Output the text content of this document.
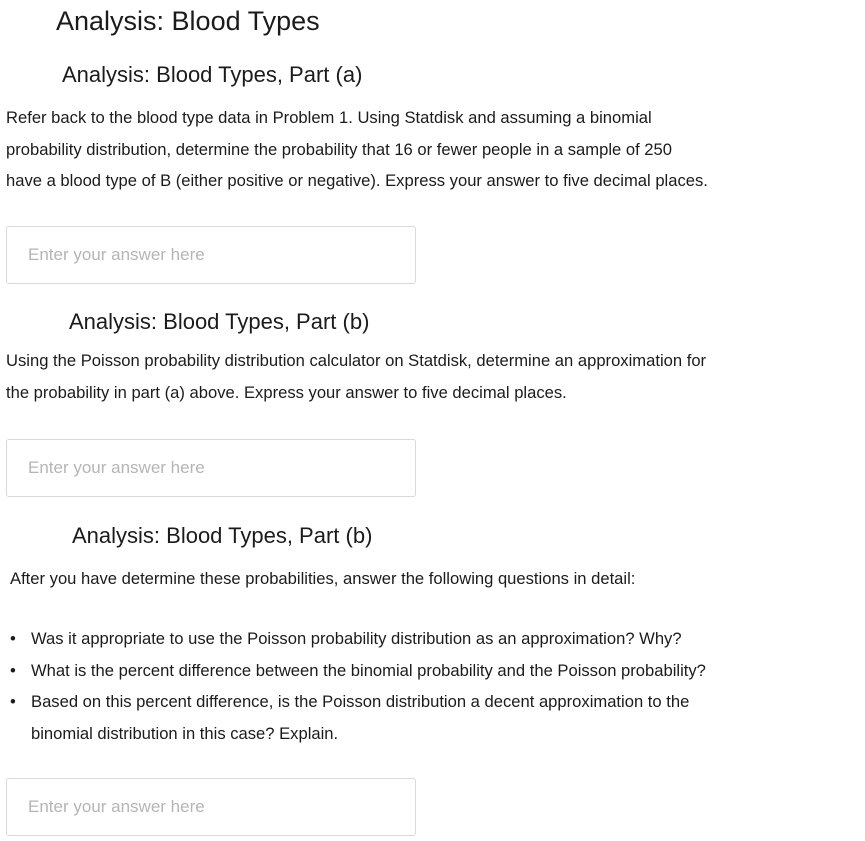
Analysis: Blood Types
Analysis: Blood Types, Part (a)
Refer back to the blood type data in Problem 1. Using Statdisk and assuming a binomial
probability distribution, determine the probability that 16 or fewer people in a sample of 250
have a blood type of B (either positive or negative). Express your answer to five decimal places.
Enter your answer here
Analysis: Blood Types, Part (b)
Using the Poisson probability distribution calculator on Statdisk, determine an approximation for
the probability in part (a) above. Express your answer to five decimal places.
Enter your answer here
Analysis: Blood Types, Part (b)
After you have determine these probabilities, answer the following questions in detail:
• Was it appropriate to use the Poisson probability distribution as an approximation? Why?
• What is the percent difference between the binomial probability and the Poisson probability?
• Based on this percent difference, is the Poisson distribution a decent approximation to the
binomial distribution in this case? Explain.
Enter your answer here
